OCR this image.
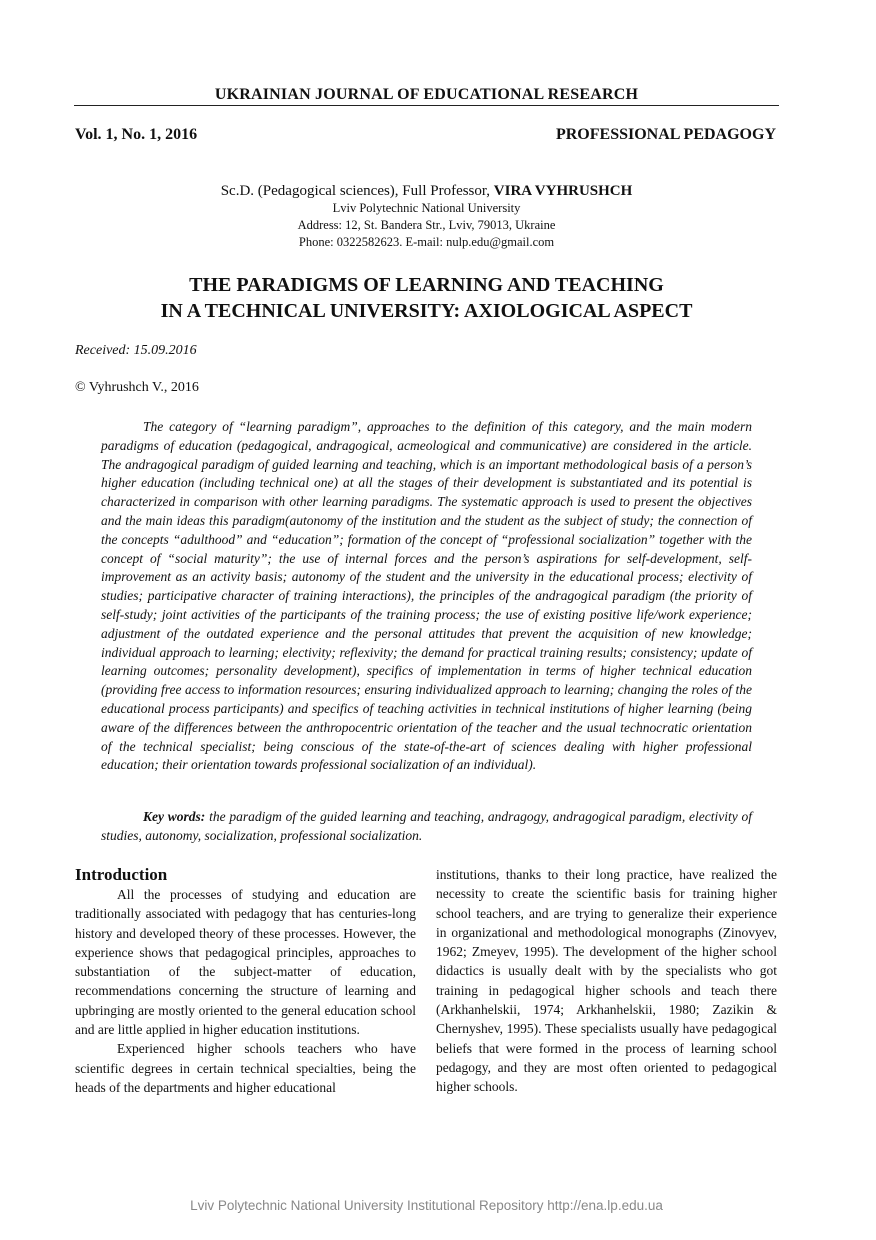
UKRAINIAN JOURNAL OF EDUCATIONAL RESEARCH
Vol. 1, No. 1, 2016	PROFESSIONAL PEDAGOGY
Sc.D. (Pedagogical sciences), Full Professor, VIRA VYHRUSHCH
Lviv Polytechnic National University
Address: 12, St. Bandera Str., Lviv, 79013, Ukraine
Phone: 0322582623. E-mail: nulp.edu@gmail.com
THE PARADIGMS OF LEARNING AND TEACHING
IN A TECHNICAL UNIVERSITY: AXIOLOGICAL ASPECT
Received: 15.09.2016
© Vyhrushch V., 2016

The category of “learning paradigm”, approaches to the definition of this category, and the main modern paradigms of education (pedagogical, andragogical, acmeological and communicative) are considered in the article. The andragogical paradigm of guided learning and teaching, which is an important methodological basis of a person’s higher education (including technical one) at all the stages of their development is substantiated and its potential is characterized in comparison with other learning paradigms. The systematic approach is used to present the objectives and the main ideas this paradigm(autonomy of the institution and the student as the subject of study; the connection of the concepts “adulthood” and “education”; formation of the concept of “professional socialization” together with the concept of “social maturity”; the use of internal forces and the person’s aspirations for self-development, self-improvement as an activity basis; autonomy of the student and the university in the educational process; electivity of studies; participative character of training interactions), the principles of the andragogical paradigm (the priority of self-study; joint activities of the participants of the training process; the use of existing positive life/work experience; adjustment of the outdated experience and the personal attitudes that prevent the acquisition of new knowledge; individual approach to learning; electivity; reflexivity; the demand for practical training results; consistency; update of learning outcomes; personality development), specifics of implementation in terms of higher technical education (providing free access to information resources; ensuring individualized approach to learning; changing the roles of the educational process participants) and specifics of teaching activities in technical institutions of higher learning (being aware of the differences between the anthropocentric orientation of the teacher and the usual technocratic orientation of the technical specialist; being conscious of the state-of-the-art of sciences dealing with higher professional education; their orientation towards professional socialization of an individual).

Key words: the paradigm of the guided learning and teaching, andragogy, andragogical paradigm, electivity of studies, autonomy, socialization, professional socialization.

Introduction

All the processes of studying and education are traditionally associated with pedagogy that has centuries-long history and developed theory of these processes. However, the experience shows that pedagogical principles, approaches to substantiation of the subject-matter of education, recommendations concerning the structure of learning and upbringing are mostly oriented to the general education school and are little applied in higher education institutions.

Experienced higher schools teachers who have scientific degrees in certain technical specialties, being the heads of the departments and higher educational

institutions, thanks to their long practice, have realized the necessity to create the scientific basis for training higher school teachers, and are trying to generalize their experience in organizational and methodological monographs (Zinovyev, 1962; Zmeyev, 1995). The development of the higher school didactics is usually dealt with by the specialists who got training in pedagogical higher schools and teach there (Arkhanhelskii, 1974; Arkhanhelskii, 1980; Zazikin & Chernyshev, 1995). These specialists usually have pedagogical beliefs that were formed in the process of learning school pedagogy, and they are most often oriented to pedagogical higher schools.

Lviv Polytechnic National University Institutional Repository http://ena.lp.edu.ua
